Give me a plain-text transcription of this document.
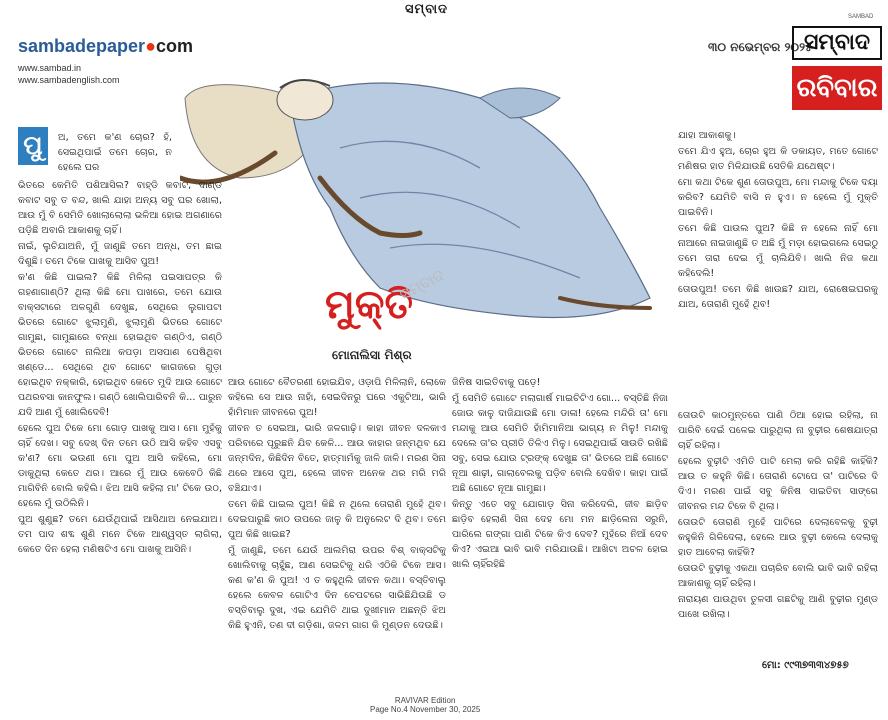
ସମ୍ବାଦ
sambadepaper●com
www.sambad.in
www.sambadenglish.com
୩୦ ନଭେମ୍ବର ୨୦୨୫
SAMBAD
ସମ୍ବାଦ
ରବିବାର
ମୁକ୍ତି
ସମ୍ବାଦ
ମୋନାଲିସା ମିଶ୍ର
ପୁ	ଅ, ତମେ କ'ଣ ଚୋର? ହଁ, ସେଇଥିପାଇଁ ତମେ ଚୋର, ନ ହେଲେ ଘର

ଭିତରେ କେମିତି ପଶିଆସିଲ? ବାହ୍ଡି କବାଟ, ଦାଣ୍ଡ କବାଟ ସବୁ ତ ବନ୍ଦ, ଖାଲି ଯାହା ଅନ୍ୟ ସବୁ ଘର ଖୋଲା, ଆଉ ମୁଁ ବି ସେମିତି ଖୋଲାଲୋଲା ଭଳିଆ ହୋଇ ଅଗଣାରେ ପଡ଼ିଛି ଅବାରି ଆକାଶକୁ ଚାହିଁ।

ନାଇଁ, ଲୁଚିଯାଅନି, ମୁଁ ଜାଣୁଛି ତମେ ଅନ୍ଧ, ତମ ଛାଇ ଦିଶୁଛି। ତମେ ଟିକେ ପାଖକୁ ଆସିବ ପୁଅ!

କ'ଣ କିଛି ପାଇଲ? କିଛି ମିଳିଲା ପଇସାପତ୍ର କି ଗହଣାଗାଣ୍ଠି? ଥିଲା କିଛି ମୋ ପାଖରେ, ତମେ ଯୋଉ ବାକ୍ସଟାରେ ଅଳଗୁଣି ଦେଖୁଛ, ସେଥିରେ ଲୁଗାପଟା ଭିତରେ ଗୋଟେ ଝୁଲାମୁଣି, ଝୁଲାମୁଣି ଭିତରେ ଗୋଟେ ଗାମୁଛା, ଗାମୁଛାରେ ବନ୍ଧା ହୋଇଥିବ ଗଣ୍ଠିଏ, ଗଣ୍ଠି ଭିତରେ ଗୋଟେ ନାଲିଆ କପଡ଼ା ଅସପାଣ ପେଷିଥିବା ଖଣ୍ଡେ... ସେଥିରେ ଥିବ ଗୋଟେ କାଗଜରେ ଗୁଡ଼ା ହୋଇଥିବ ନକ୍କାରି, ହୋଇଥିବ କେତେ ମୁଦି ଆଉ ଗୋଟେ ପଥରବସା କାନଫୁଲ। ଗଣ୍ଠି ଖୋଲିପାରିବନି କି... ପାରୁନ ଯଦି ଆଣ ମୁଁ ଖୋଲିଦେବି!

ହେଲେ ପୁଅ ଟିକେ ମୋ ଗୋଡ଼ ପାଖକୁ ଆସ। ମୋ ମୁହଁକୁ ଚାହିଁ ଦେଖ। ସବୁ ଦେଖ୍ ଦିନ ତମେ ଉଠି ଆସି କହିବ ଏସବୁ କ'ଣ? ମୋ ଭଉଣୀ ମୋ ପୁଅ ଆସି କହିଲେ, ମୋ ଡାକୁଥିଲା କେତେ ଥର। ଆରେ ମୁଁ ଆଉ କେବେଠି କିଛି ମାଗିବିନି ବୋଲି କହିଲି। ଝିଅ ଆସି କହିଲା ମା' ଟିକେ ଉଠ, ହେଲେ ମୁଁ ଉଠିଲିନି।

ପୁଅ ଶୁଣୁଛ? ତମେ ଯେଉଁଥିପାଇଁ ଆସିଥାଅ ନେଇଯାଅ। ତମ ପାଦ ଶବ୍ଦ ଶୁଣି ମନେ ଟିକେ ଆଶ୍ୱସ୍ତ ଲାଗିଲା, କେତେ ଦିନ ହେଲା ମଣିଷଟିଏ ମୋ ପାଖକୁ ଆସିନି।

ଆଉ ଗୋଟେ ବୈତରଣୀ ହୋଇଯିବ, ଓଡ଼ାପି ମିଳିଲାନି, ଲୋକେ କହିଲେ ସେ ଆଉ ନାହାଁ, ସେଇଦିନରୁ ଘରେ ଏକୁଟିଆ, ଭାରି ହାଁମିମାନ ଜୀବନରେ ପୁଅ!

ଜୀବନ ତ ସେଇଆ, ଭାରି ଜଳଗାଢ଼ି। କାହା ଜୀବନ ଦଳକାଏ ପରିବାରେ ପୂରୁଛନି ଯିବ କେଳି... ଆଉ କାହାର ଜନ୍ମଥିବ ଯେ ଜନ୍ମଦିନ, କିଛିଦିନ ବିତେ, ହାତ୍‌ମାମଁକୁ ଜାଳି ଜାଳି। ମରଣ ସିନା ଥରେ ଆସେ ପୁଅ, ହେଲେ ଜୀବନ ଅନେକ ଥର ମରି ମରି ବଞ୍ଚିଯାଏ।

ତମେ କିଛି ପାଇଲ ପୁଅ! କିଛି ନ ଥିଲେ ତୋରାଣି ମୁହେଁ ଥିବ। ଦେଇପାରୁଛି କାଠ ଉପରେ ଜାଳୁ କି ଅନୁଲେଟ ଦି ଥିବ। ତମେ ପୁଅ କିଛି ଖାଇଛ?

ମୁଁ ଜାଣୁଛି, ତମେ ଯେଉଁ ଆଲମିରା ଉପର ବିଶ୍ ବାକ୍ସଟିକୁ ଖୋଲିବାକୁ ଚାହୁଁଛ, ଆଣ ସେଇଟିକୁ ଧରି ଏଠିକି ଟିକେ ଆସ। କଣ କ'ଣ କି ପୁଅ! ଏ ତ କହୁଥିଲି ଜୀବନ କଥା। ବସ୍ତିବାଲୁ ହେଲେ କେବଳ ଗୋଟିଏ ଦିନ ଚେପଟରେ ସାଭିଛିଯିଉଛି ଡ ବସ୍ତିବାଲୁ ଦୁଖ, ଏଇ ଯେମିତି ଥାଇ ଦୁଖୀମାନ ଅଛନ୍ତି ଝିଅ କିଛି ହୁଏନି, ତଣ ଦୀ ଗଡ଼ିଶା, ଜଳମ ଗାଗ କି ମୁଣ୍ଡନ ଦେଉଛି।

ଜିନିଷ ସାଇତିବାକୁ ପଡ଼େ!

ମୁଁ ସେମିତି ଗୋଟେ ମଲାଗାର୍ଷ ମାଇଚିଟିଏ ଗୋ... ବସ୍ତିଛି ନିଜା ଜୋଉ କାଳୁ ଦାଜିଯାଉଛି ମୋ ଡାଳା! ହେଲେ ମନ୍ଦିରି ତା' ମୋ ମନ୍ଦାକୁ ଆଉ ସେମିତି ହାଁମିମାନିଆ ଭାଗ୍ୟ ନ ମିଳୁ! ମନ୍ଦାକୁ ଦେଲେ ତା'ର ପ୍ରୀତି ତିଳିଏ ମିଳୁ। ସେଇଥିପାଇଁ ସାଉତି ରଖିଛି ସବୁ, ସେଇ ଯୋଉ ଟ୍ରଙ୍କ୍ ଦେଖୁଛ ତା' ଭିତରେ ଅଛି ଗୋଟେ ନୂଆ ଶାଢ଼ୀ, ଗାଲାବେଲକୁ ପଡ଼ିବ ବୋଲି ଦେଖିବ। କାହା ପାଇଁ ଅଛି ଗୋଟେ ନୂଆ ଗାମୁଛା।

କିନ୍ତୁ ଏତେ ସବୁ ଯୋଗାଡ଼ ସିନା କରିଦେଲି, ଜୀବ ଛାଡ଼ିବ ଛାଡ଼ିବ ହେଲାଣି ସିନା ଦେହ ମୋ ମନ ଛାଡ଼ିଲେନା ସରୁନି, ପାରିଲେ ଗଙ୍ଗା ପାଣି ଟିକେ କିଏ ଦେବ? ମୁହଁରେ ନିଆଁ ଦେବ କିଏ? ଏଇଆ ଭାବି ଭାବି ମରିଯାଉଛି। ଆଖିଟା ଅଚଳ ହୋଇ ଖାଲି ଚାହିଁରହିଛି

ଯାହା ଆକାଶକୁ।

ତମେ ଯିଏ ହୁଅ, ଚୋର ହୁଅ କି ଡକାୟତ, ମତେ ଗୋଟେ ମଣିଷର ହାତ ମିଳିଯାଉଛି ସେତିକି ଯଥେଷ୍ଟ।

ମୋ କଥା ଟିକେ ଶୁଣ ତୋଉପୁଅ, ମୋ ମନ୍ଦାକୁ ଟିକେ ଦୟା କରିବ? ଯେମିତି ବାସି ନ ହୁଏ। ନ ହେଲେ ମୁଁ ମୁକ୍ତି ପାଇବିନି।

ତମେ କିଛି ପାଉଲ ପୁଅ? କିଛି ନ ହେଲେ ନାହିଁ ମୋ ନାଆରେ ନାଇଜାଣୁଛି ତ ଅଛି ମୁଁ ମଡ଼ା ହୋଇଗଲେ ସେଇଠୁ ତମେ ତାରା ଦେଇ ମୁଁ ଚାଲିଯିବି। ଖାଲି ନିଜ କଥା କହିଦେଲି!

ତୋଉପୁଅ! ତମେ କିଛି ଖାଉଛ? ଯାଅ, ରୋଷେଇଘରକୁ ଯାଅ, ତୋରାଣି ମୁହେଁ ଥିବ!

ତୋଉଟି କାଠମୁନ୍ତରେ ପାଣି ଠିଆ ହୋଇ ରହିଲା, ନା ପାରିବି ଦେଇଁ ପଳେଇ ପାରୁଥିଲା ନା ବୁଢ଼ୀର ଶେଷଯାତ୍ରା ଚାହିଁ ରହିଲା।

ହେଲେ ବୁଢ଼ୀଟି ଏମିତି ପାଟି ମେଲା କରି ରହିଛି କାହିଁକି? ଆଉ ତ କହୁନି କିଛି। ତୋରାଣି ଟୋପେ ତା' ପାଟିରେ ଦି ଦିଏ। ମରଣ ପାଇଁ ସବୁ କିନିଷ ସାଇତିବା ସାଙ୍ଗେ ଜୀବନର ମନ୍ଦ ଟିକେ ବି ଥିଲା।

ତୋଉଟି ତୋରାଣି ମୁହେଁ ପାଟିରେ ଦେଲାବେଳକୁ ବୁଢ଼ୀ କହୁକିନି ଗିଳିଦେଲା, ହେଲେ ଆଉ ବୁଢ଼ୀ କେଲେ ଦେଲାକୁ ହାତ ଆବେଲା କାହିଁକି?

ତୋଉଟି ବୁଢ଼ୀକୁ ଏକଥା ପଚାରିବ ବୋଲି ଭାବି ଭାବି ରହିଲା ଆକାଶକୁ ଚାହିଁ ରହିଲା।

ନାରାୟଣ ପାଉଥିବା ତୁଳସୀ ଗଛଟିକୁ ଆଣି ବୁଢ଼ୀର ମୁଣ୍ଡ ପାଖେ ରଖିଲା।

ମୋ: ୯୯୩୭୩୩୪୭୫୭
RAVIVAR Edition
Page No.4 November 30, 2025
